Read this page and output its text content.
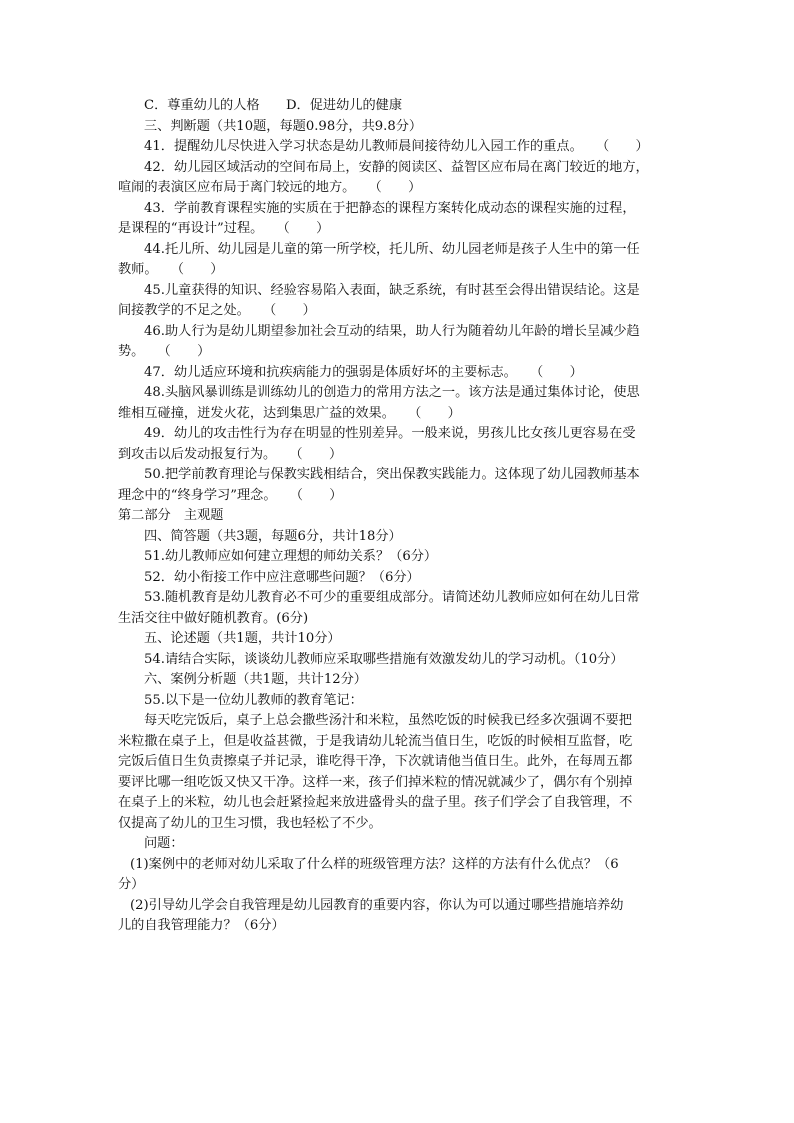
C．尊重幼儿的人格　　D．促进幼儿的健康

三、判断题（共10题，每题0.98分，共9.8分）

41．提醒幼儿尽快进入学习状态是幼儿教师晨间接待幼儿入园工作的重点。　　（　　）

42．幼儿园区域活动的空间布局上，安静的阅读区、益智区应布局在离门较近的地方，

喧闹的表演区应布局于离门较远的地方。　　（　　）

43．学前教育课程实施的实质在于把静态的课程方案转化成动态的课程实施的过程，

是课程的“再设计”过程。　　（　　）

44.托儿所、幼儿园是儿童的第一所学校，托儿所、幼儿园老师是孩子人生中的第一任

教师。　　（　　）

45.儿童获得的知识、经验容易陷入表面，缺乏系统，有时甚至会得出错误结论。这是

间接教学的不足之处。　　（　　）

46.助人行为是幼儿期望参加社会互动的结果，助人行为随着幼儿年龄的增长呈减少趋

势。　　（　　）

47．幼儿适应环境和抗疾病能力的强弱是体质好坏的主要标志。　　（　　）

48.头脑风暴训练是训练幼儿的创造力的常用方法之一。该方法是通过集体讨论，使思

维相互碰撞，迸发火花，达到集思广益的效果。　　（　　）

49．幼儿的攻击性行为存在明显的性别差异。一般来说，男孩儿比女孩儿更容易在受

到攻击以后发动报复行为。　　（　　）

50.把学前教育理论与保教实践相结合，突出保教实践能力。这体现了幼儿园教师基本

理念中的“终身学习”理念。　　（　　）

第二部分　主观题

四、简答题（共3题，每题6分，共计18分）

51.幼儿教师应如何建立理想的师幼关系？（6分）

52．幼小衔接工作中应注意哪些问题？（6分）

53.随机教育是幼儿教育必不可少的重要组成部分。请简述幼儿教师应如何在幼儿日常

生活交往中做好随机教育。(6分)

五、论述题（共1题，共计10分）

54.请结合实际，谈谈幼儿教师应采取哪些措施有效激发幼儿的学习动机。（10分）

六、案例分析题（共1题，共计12分）

55.以下是一位幼儿教师的教育笔记：

每天吃完饭后，桌子上总会撒些汤汁和米粒，虽然吃饭的时候我已经多次强调不要把

米粒撒在桌子上，但是收益甚微，于是我请幼儿轮流当值日生，吃饭的时候相互监督，吃

完饭后值日生负责擦桌子并记录，谁吃得干净，下次就请他当值日生。此外，在每周五都

要评比哪一组吃饭又快又干净。这样一来，孩子们掉米粒的情况就减少了，偶尔有个别掉

在桌子上的米粒，幼儿也会赶紧捡起来放进盛骨头的盘子里。孩子们学会了自我管理，不

仅提高了幼儿的卫生习惯，我也轻松了不少。

问题：

(1)案例中的老师对幼儿采取了什么样的班级管理方法？这样的方法有什么优点？（6

分）

(2)引导幼儿学会自我管理是幼儿园教育的重要内容，你认为可以通过哪些措施培养幼

儿的自我管理能力？（6分）
